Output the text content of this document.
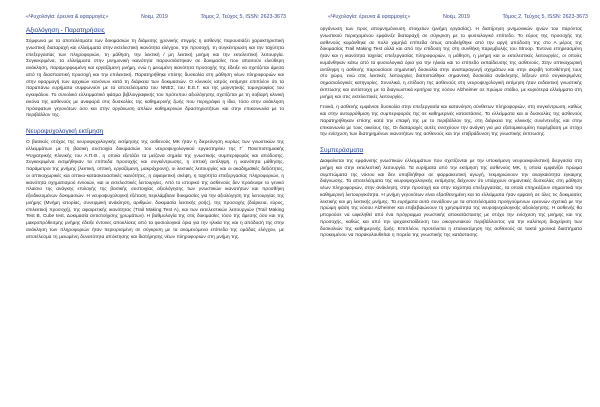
«Ψυχολογία: έρευνα & εφαρμογές»	Νοέμ, 2019	Τόμος 2, Τεύχος 5, ISSN: 2623-3673
Αξιολόγηση - Παρατηρήσεις

Σύμφωνα με τα αποτελέσματα των δοκιμασιών τη διάμεσης χρονικής στιγμής η ασθενής παρουσιάζει χαρακτηριστική γνωστική διαταραχή και ελλείμματα στην εκτελεστική ικανότητα ελέγχου, την προσοχή, τη συγκέντρωση και την ταχύτητα επεξεργασίας των πληροφοριών, τη μάθηση, την λεκτική / μη λεκτική μνήμη και την εκτελεστική λειτουργία. Συγκεκριμένα, τα ελλείμματα στην μνημονική ικανότητα παρουσιάστηκαν σε δοκιμασίες που απαιτούν ελεύθερη ανάκληση, παραμορφωμένη και εργαζόμενη μνήμη, ενώ η μειωμένη ικανότητα προσοχής της έδειξε να σχετίζεται άμεσα από τη διασπαστική προσοχή και την επιλεκτική. Παρατηρήθηκε επίσης δυσκολία στη μάθηση νέων πληροφοριών και στην εφαρμογή των αρχικών κανόνων κατά τη διάρκεια των δοκιμασιών. Ο κλινικός ιατρός εκτίμησε επιπλέον ότι τα παραπάνω ευρήματα συμφωνούν με τα αποτελέσματα του ΝΝΕΣ, του Ε.Ε.Γ. και της μαγνητικής τομογραφίας του εγκεφάλου. Το συνολικό ελλειμματικό φάσμα βιβλιογραφικής του πρότυπου αξιολόγησης σχετίζεται με τη σοβαρή κλινική εικόνα της ασθενούς με αναφορά στις δυσκολίες της καθημερινής ζωής που περιγράφει η ίδια, τόσο στην ανάκληση πρόσφατων γεγονότων όσο και στην οργάνωση απλών καθημερινών δραστηριοτήτων και στην επικοινωνία με το περιβάλλον της.

Νευροψυχολογική εκτίμηση

Ο βασικός στόχος της νευροψυχολογικής εκτίμησης της ασθενούς ΜΚ ήταν η διερεύνηση κυρίως των γνωστικών της ελλειμμάτων με τη βασική συστοιχία δοκιμασιών του νευροψυχολογικού εργαστηρίου της Γ΄ Πανεπιστημιακής Ψυχιατρικής Κλινικής του Α.Π.Θ., η οποία εξετάζει τα μείζονα σημεία της γνωστικής συμπεριφοράς και απόδοσης. Συγκεκριμένα εκτιμήθηκαν τα επίπεδα προσοχής και συγκέντρωσης, η οπτική αντίληψη, η ικανότητα μάθησης, παράμετροι της μνήμης (λεκτική, οπτική, εργαζόμενη, μακρόχρονη), οι λεκτικές λειτουργίες και οι ακαδημαϊκές δεξιότητες, οι οπτικοχωρικές και οπτικο-κατασκευαστικές ικανότητες, η αφαιρετική σκέψη, η ταχύτητα επεξεργασίας πληροφοριών, η ικανότητα σχηματισμού εννοιών, και οι εκτελεστικές λειτουργίες. Από το ιστορικό της ασθενούς δεν προέκυψε το γενικό πλαίσιο της ανάγκης επιλογής της βασικής συστοιχίας αξιολόγησης των γνωστικών ικανοτήτων και προσθήκη εξειδικευμένων δοκιμασιών. Η νευροψυχολογική εξέταση περιλάμβανε δοκιμασίες για την αξιολόγηση της λειτουργίας της μνήμης (Μνήμη ιστορίας, συνειρμική ανάκληση, αριθμών, δοκιμασία λεκτικής ροής), της προσοχής (διάρκεια, εύρος, επιλεκτική προσοχή), της αφαιρετικής ικανότητας (Trail Making Test A), και των εκτελεστικών λειτουργιών (Trail Making Test B, Cube test, Δοκιμασία αντιστοίχισης χρωμάτων). Η βαθμολογία της στις δοκιμασίες τόσο της άμεσης όσο και της μακροπρόθεσμης μνήμης έδειξε έντονες αποκλίσεις από τα φυσιολογικά όρια για την ηλικία της και η απόδοσή της στην ανάκληση των πληροφοριών ήταν περιορισμένη σε σύγκριση με τα αναμενόμενα επίπεδα της ομάδας ελέγχου, με αποτέλεσμα τη μειωμένη δυνατότητα απόκτησης και διατήρησης νέων πληροφοριών στη μνήμη της.

«Ψυχολογία: έρευνα & εφαρμογές»	Νοέμ, 2019	Τόμος 2, Τεύχος 5, ISSN: 2623-3673

οργάνωση των προς απομνημόνευση στοιχείων (μνήμη εργασίας). Η διατήρηση μνημονικών ιχνών του παρόντος γνωστικού περιεχομένου εμφάνιζε διαταραχή σε σύγκριση με το φυσιολογικό επίπεδο. Το εύρος της προσοχής της ασθενούς κυμάνθηκε σε πολύ χαμηλά επίπεδα όπως αποδείχθηκε από την αργή απόδοση της στο Α μέρος της δοκιμασίας Trail Making Test αλλά και από την επίδοση της στη συνθήκη παρεμβολής του Stroop. Έντονα επηρεασμένη ήταν και η ικανότητα ταχείας επεξεργασίας πληροφοριών, η μάθηση, η μνήμη και οι εκτελεστικές λειτουργίες, οι οποίες κυμάνθηκαν κάτω από τα φυσιολογικά όρια για την ηλικία και το επίπεδο εκπαίδευσης της ασθενούς. Στην οπτικοχωρική αντίληψη η ασθενής παρουσίασε σημαντική δυσκολία στην αναπαραγωγή σχημάτων και στην ακριβή τοποθέτησή τους στο χώρο, ενώ στις λεκτικές λειτουργίες διαπιστώθηκε σημαντική δυσκολία ανάκλησης λέξεων από συγκεκριμένες σημασιολογικές κατηγορίες. Συνολικά, η επίδοση της ασθενούς στη νευροψυχολογική εκτίμηση ήταν ενδεικτική γνωστικής έκπτωσης και αντίστοιχη με τα διαγνωστικά κριτήρια της νόσου Alzheimer σε πρώιμο στάδιο, με κυριότερα ελλείμματα στη μνήμη και στις εκτελεστικές λειτουργίες.

Γενικά, η ασθενής εμφάνισε δυσκολία στην επεξεργασία και κατανόηση σύνθετων πληροφοριών, στη συγκέντρωση, καθώς και στην αυτορρύθμιση της συμπεριφοράς της σε καθημερινές καταστάσεις. Τα ελλείμματα και οι δυσκολίες της ασθενούς παρατηρήθηκαν επίσης κατά την επαφή της με το περιβάλλον της, στη διάρκεια της κλινικής συνέντευξης και στην επικοινωνία με τους οικείους της. Οι διαταραχές αυτές ενισχύουν την ανάγκη για μια εξατομικευμένη παρέμβαση με στόχο την ενίσχυση των διατηρημένων ικανοτήτων της ασθενούς και την επιβράδυνση της γνωστικής έκπτωσης.

Συμπεράσματα

Διαφαίνεται της εμφάνισης γνωστικών ελλειμμάτων που σχετίζονται με την υποκείμενη νευροεκφυλιστική διεργασία στη μνήμη και στην εκτελεστική λειτουργία. Τα ευρήματα από την εκτίμηση της ασθενούς ΜΚ, η οποία εμφανίζει πρώιμα συμπτώματα της νόσου και δεν υποβλήθηκε σε φαρμακευτική αγωγή, τεκμηριώνουν την αναγκαιότητα έγκαιρης διάγνωσης. Τα αποτελέσματα της νευροψυχολογικής εκτίμησης δείχνουν ότι υπάρχουν σημαντικές δυσκολίες στη μάθηση νέων πληροφοριών, στην ανάκληση, στην προσοχή και στην ταχύτητα επεξεργασίας, τα οποία επηρεάζουν σημαντικά την καθημερινή λειτουργικότητα. Η μνήμη γεγονότων είναι εξασθενημένη και τα ελλείμματα ήταν εμφανή σε όλες τις δοκιμασίες λεκτικής και μη λεκτικής μνήμης. Τα ευρήματα αυτά συνάδουν με τα αποτελέσματα προηγούμενων ερευνών σχετικά με την πρώιμη φάση της νόσου Alzheimer και επιβεβαιώνουν τη χρησιμότητα της νευροψυχολογικής αξιολόγησης. Η ασθενής θα μπορούσε να ωφεληθεί από ένα πρόγραμμα γνωστικής αποκατάστασης με στόχο την ενίσχυση της μνήμης και της προσοχής, καθώς και από την ψυχοεκπαίδευση του οικογενειακού περιβάλλοντος για την καλύτερη διαχείριση των δυσκολιών της καθημερινής ζωής. Επιπλέον, προτείνεται η επανεκτίμηση της ασθενούς σε τακτά χρονικά διαστήματα προκειμένου να παρακολουθείται η πορεία της γνωστικής της κατάστασης.
